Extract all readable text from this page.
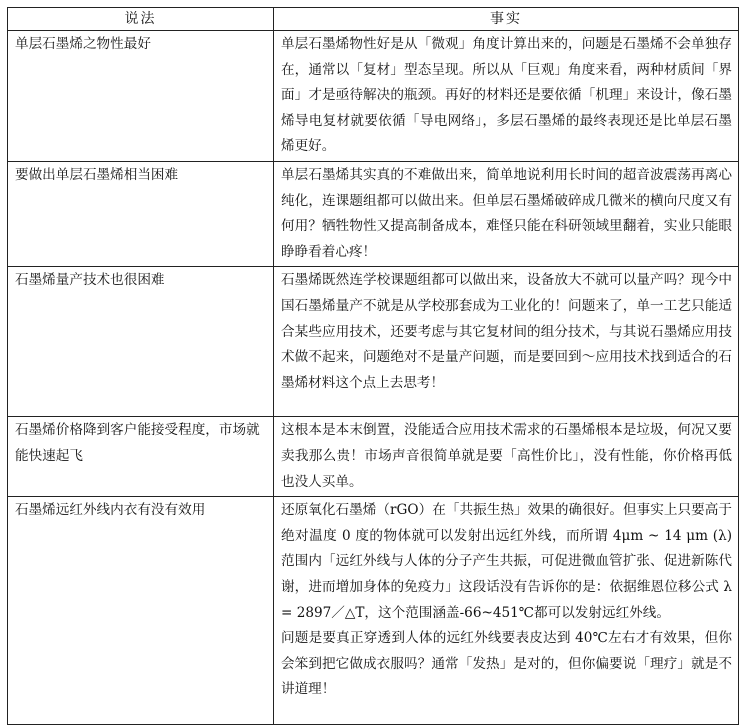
说法	事实
单层石墨烯之物性最好	单层石墨烯物性好是从「微观」角度计算出来的，问题是石墨烯不会单独存在，通常以「复材」型态呈现。所以从「巨观」角度来看，两种材质间「界面」才是亟待解决的瓶颈。再好的材料还是要依循「机理」来设计，像石墨烯导电复材就要依循「导电网络」，多层石墨烯的最终表现还是比单层石墨烯更好。

要做出单层石墨烯相当困难	单层石墨烯其实真的不难做出来，简单地说利用长时间的超音波震荡再离心纯化，连课题组都可以做出来。但单层石墨烯破碎成几微米的横向尺度又有何用？牺牲物性又提高制备成本，难怪只能在科研领域里翻着，实业只能眼睁睁看着心疼！

石墨烯量产技术也很困难	石墨烯既然连学校课题组都可以做出来，设备放大不就可以量产吗？现今中国石墨烯量产不就是从学校那套成为工业化的！问题来了，单一工艺只能适合某些应用技术，还要考虑与其它复材间的组分技术，与其说石墨烯应用技术做不起来，问题绝对不是量产问题，而是要回到～应用技术找到适合的石墨烯材料这个点上去思考！

石墨烯价格降到客户能接受程度，市场就能快速起飞	这根本是本末倒置，没能适合应用技术需求的石墨烯根本是垃圾，何况又要卖我那么贵！市场声音很简单就是要「高性价比」，没有性能，你价格再低也没人买单。

石墨烯远红外线内衣有没有效用	还原氧化石墨烯（rGO）在「共振生热」效果的确很好。但事实上只要高于绝对温度 0 度的物体就可以发射出远红外线，而所谓 4μm ~ 14 μm (λ)范围内「远红外线与人体的分子产生共振，可促进微血管扩张、促进新陈代谢，进而增加身体的免疫力」这段话没有告诉你的是：依据维恩位移公式 λ = 2897／△T，这个范围涵盖-66~451℃都可以发射远红外线。

问题是要真正穿透到人体的远红外线要表皮达到 40℃左右才有效果，但你会笨到把它做成衣服吗？通常「发热」是对的，但你偏要说「理疗」就是不讲道理！
